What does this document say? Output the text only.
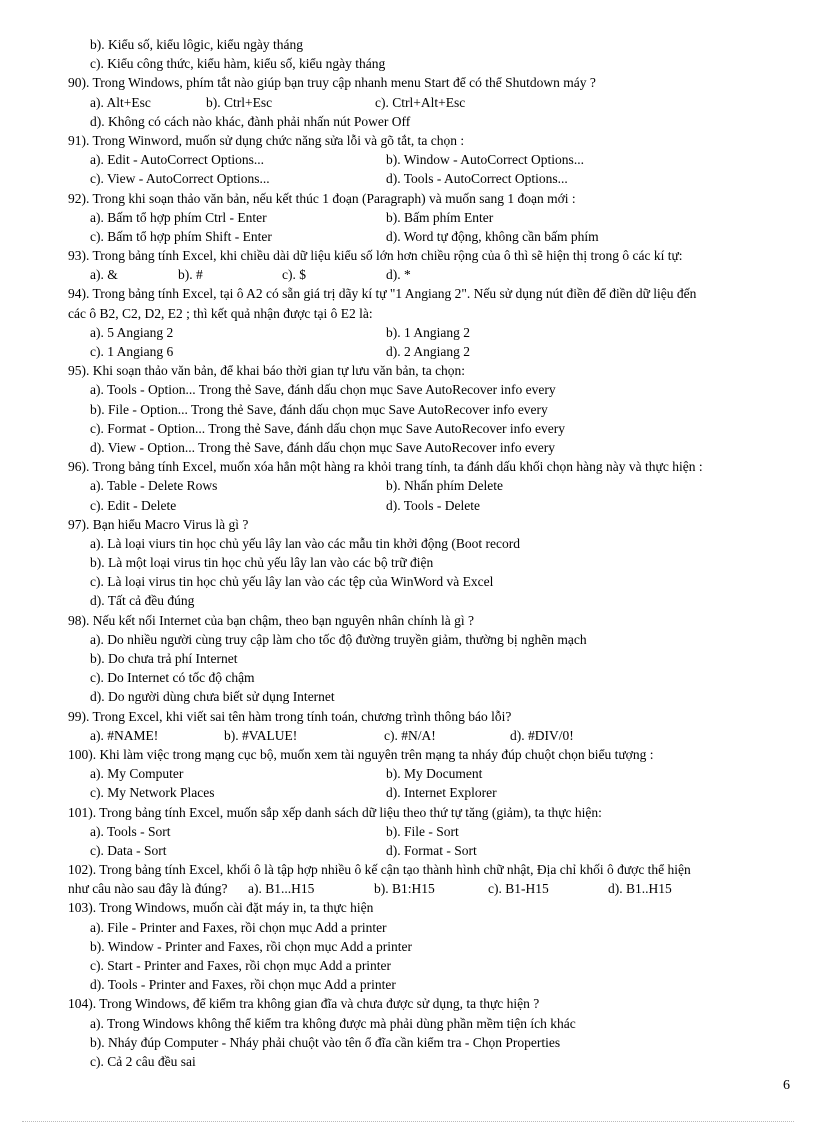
b). Kiểu số, kiểu lôgic, kiểu ngày tháng
c). Kiểu công thức, kiểu hàm, kiểu số, kiểu ngày tháng
90). Trong Windows, phím tắt nào giúp bạn truy cập nhanh menu Start để có thể Shutdown máy ?
a). Alt+Esc	b). Ctrl+Esc	c). Ctrl+Alt+Esc
d). Không có cách nào khác, đành phải nhấn nút Power Off
91). Trong Winword, muốn sử dụng chức năng sửa lỗi và gõ tắt, ta chọn :
a). Edit - AutoCorrect Options...	b). Window - AutoCorrect Options...
c). View - AutoCorrect Options...	d). Tools - AutoCorrect Options...
92). Trong khi soạn thảo văn bản, nếu kết thúc 1 đoạn (Paragraph) và muốn sang 1 đoạn mới :
a). Bấm tổ hợp phím Ctrl - Enter	b). Bấm phím Enter
c). Bấm tổ hợp phím Shift - Enter	d). Word tự động, không cần bấm phím
93). Trong bảng tính Excel, khi chiều dài dữ liệu kiểu số lớn hơn chiều rộng của ô thì sẽ hiện thị trong ô các kí tự:
a). &	b). #	c). $	d). *
94). Trong bảng tính Excel, tại ô A2 có sẵn giá trị dãy kí tự "1 Angiang 2". Nếu sử dụng nút điền để điền dữ liệu đến
các ô B2, C2, D2, E2 ; thì kết quả nhận được tại ô E2 là:
a). 5 Angiang 2	b). 1 Angiang 2
c). 1 Angiang 6	d). 2 Angiang 2
95). Khi soạn thảo văn bản, để khai báo thời gian tự lưu văn bản, ta chọn:
a). Tools - Option... Trong thẻ Save, đánh dấu chọn mục Save AutoRecover info every
b). File - Option... Trong thẻ Save, đánh dấu chọn mục Save AutoRecover info every
c). Format - Option... Trong thẻ Save, đánh dấu chọn mục Save AutoRecover info every
d). View - Option... Trong thẻ Save, đánh dấu chọn mục Save AutoRecover info every
96). Trong bảng tính Excel, muốn xóa hẳn một hàng ra khỏi trang tính, ta đánh dấu khối chọn hàng này và thực hiện :
a). Table - Delete Rows	b). Nhấn phím Delete
c). Edit - Delete	d). Tools - Delete
97). Bạn hiểu Macro Virus là gì ?
a). Là loại viurs tin học chủ yếu lây lan vào các mẫu tin khởi động (Boot record
b). Là một loại virus tin học chủ yếu lây lan vào các bộ trữ điện
c). Là loại virus tin học chủ yếu lây lan vào các tệp của WinWord và Excel
d). Tất cả đều đúng
98). Nếu kết nối Internet của bạn chậm, theo bạn nguyên nhân chính là gì ?
a). Do nhiều người cùng truy cập làm cho tốc độ đường truyền giảm, thường bị nghẽn mạch
b). Do chưa trả phí Internet
c). Do Internet có tốc độ chậm
d). Do người dùng chưa biết sử dụng Internet
99). Trong Excel, khi viết sai tên hàm trong tính toán, chương trình thông báo lỗi?
a). #NAME!	b). #VALUE!	c). #N/A!	d). #DIV/0!
100). Khi làm việc trong mạng cục bộ, muốn xem tài nguyên trên mạng ta nháy đúp chuột chọn biểu tượng :
a). My Computer	b). My Document
c). My Network Places	d). Internet Explorer
101). Trong bảng tính Excel, muốn sắp xếp danh sách dữ liệu theo thứ tự tăng (giảm), ta thực hiện:
a). Tools - Sort	b). File - Sort
c). Data - Sort	d). Format - Sort
102). Trong bảng tính Excel, khối ô là tập hợp nhiều ô kế cận tạo thành hình chữ nhật, Địa chỉ khối ô được thể hiện
như câu nào sau đây là đúng? a). B1...H15	b). B1:H15	c). B1-H15	d). B1..H15
103). Trong Windows, muốn cài đặt máy in, ta thực hiện
a). File - Printer and Faxes, rồi chọn mục Add a printer
b). Window - Printer and Faxes, rồi chọn mục Add a printer
c). Start - Printer and Faxes, rồi chọn mục Add a printer
d). Tools - Printer and Faxes, rồi chọn mục Add a printer
104). Trong Windows, để kiểm tra không gian đĩa và chưa được sử dụng, ta thực hiện ?
a). Trong Windows không thể kiểm tra không được mà phải dùng phần mềm tiện ích khác
b). Nháy đúp Computer - Nháy phải chuột vào tên ổ đĩa cần kiểm tra - Chọn Properties
c). Cả 2 câu đều sai
6
